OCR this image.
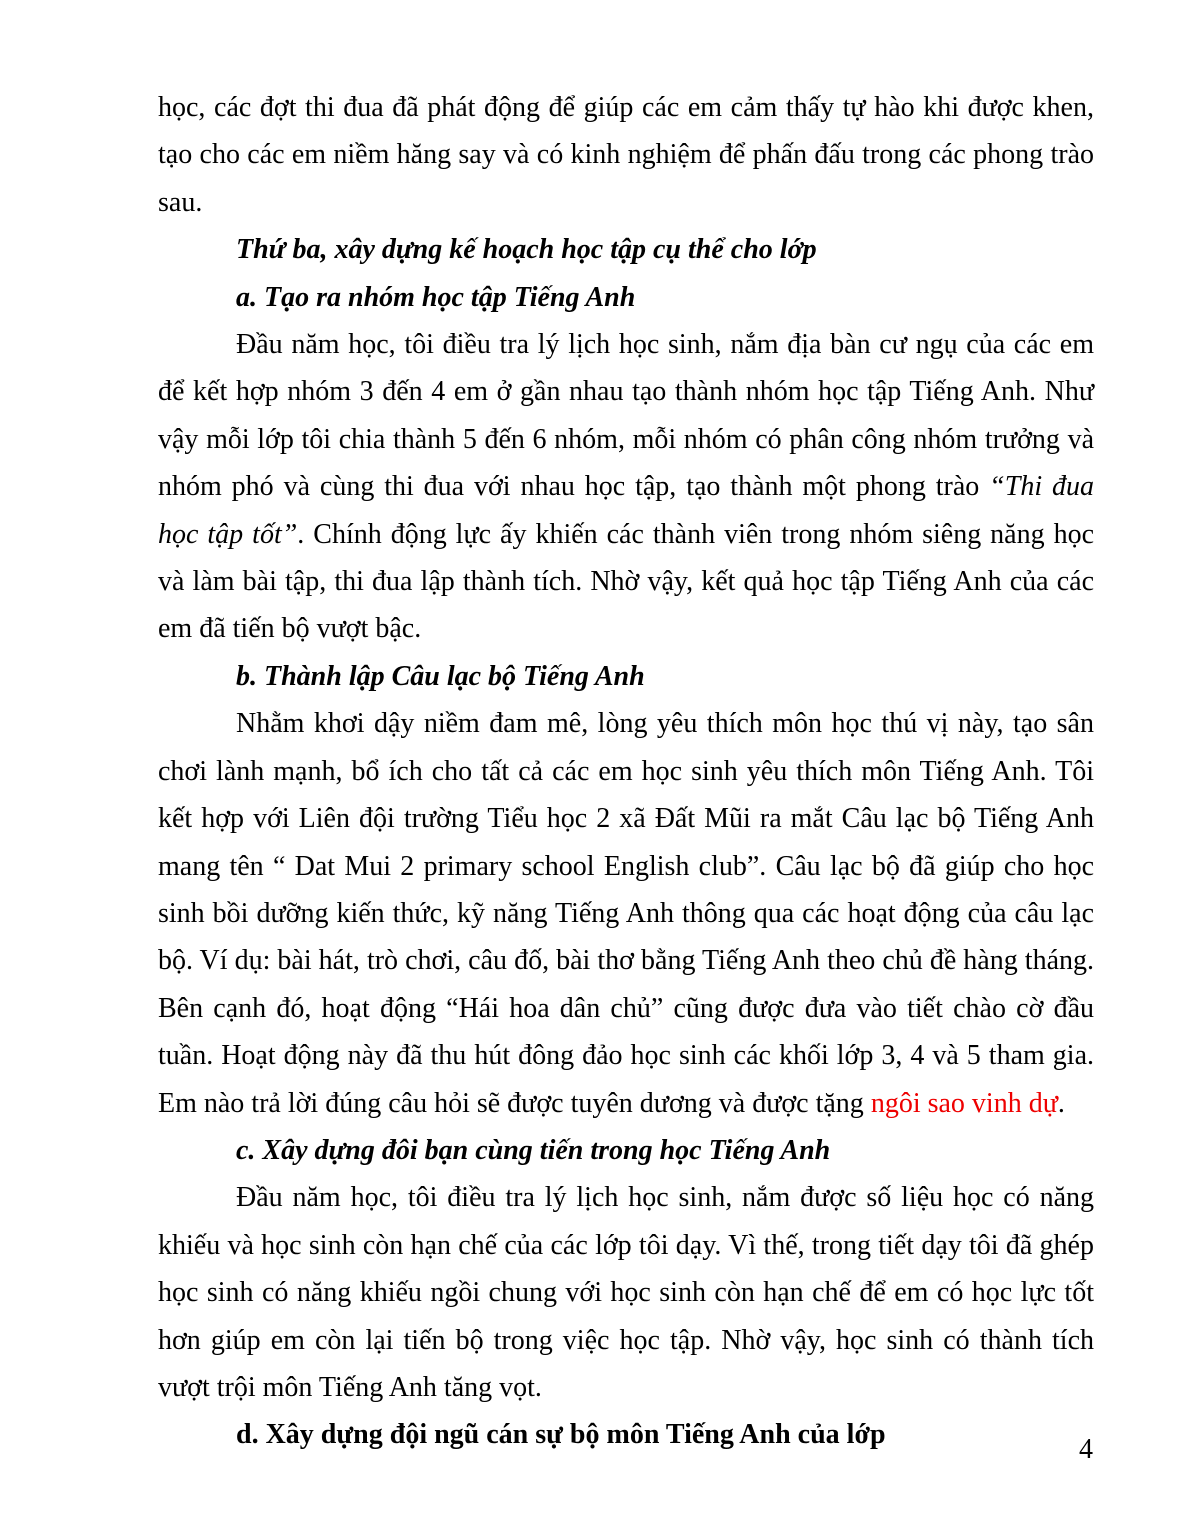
học, các đợt thi đua đã phát động để giúp các em cảm thấy tự hào khi được khen, tạo cho các em niềm hăng say và có kinh nghiệm để phấn đấu trong các phong trào sau.

Thứ ba, xây dựng kế hoạch học tập cụ thể cho lớp

a. Tạo ra nhóm học tập Tiếng Anh

Đầu năm học, tôi điều tra lý lịch học sinh, nắm địa bàn cư ngụ của các em để kết hợp nhóm 3 đến 4 em ở gần nhau tạo thành nhóm học tập Tiếng Anh. Như vậy mỗi lớp tôi chia thành 5 đến 6 nhóm, mỗi nhóm có phân công nhóm trưởng và nhóm phó và cùng thi đua với nhau học tập, tạo thành một phong trào “Thi đua học tập tốt”. Chính động lực ấy khiến các thành viên trong nhóm siêng năng học và làm bài tập, thi đua lập thành tích. Nhờ vậy, kết quả học tập Tiếng Anh của các em đã tiến bộ vượt bậc.

b. Thành lập Câu lạc bộ Tiếng Anh

Nhằm khơi dậy niềm đam mê, lòng yêu thích môn học thú vị này, tạo sân chơi lành mạnh, bổ ích cho tất cả các em học sinh yêu thích môn Tiếng Anh. Tôi kết hợp với Liên đội trường Tiểu học 2 xã Đất Mũi ra mắt Câu lạc bộ Tiếng Anh mang tên “ Dat Mui 2 primary school English club”. Câu lạc bộ đã giúp cho học sinh bồi dưỡng kiến thức, kỹ năng Tiếng Anh thông qua các hoạt động của câu lạc bộ. Ví dụ: bài hát, trò chơi, câu đố, bài thơ bằng Tiếng Anh theo chủ đề hàng tháng. Bên cạnh đó, hoạt động “Hái hoa dân chủ” cũng được đưa vào tiết chào cờ đầu tuần. Hoạt động này đã thu hút đông đảo học sinh các khối lớp 3, 4 và 5 tham gia. Em nào trả lời đúng câu hỏi sẽ được tuyên dương và được tặng ngôi sao vinh dự.

c. Xây dựng đôi bạn cùng tiến trong học Tiếng Anh

Đầu năm học, tôi điều tra lý lịch học sinh, nắm được số liệu học có năng khiếu và học sinh còn hạn chế của các lớp tôi dạy. Vì thế, trong tiết dạy tôi đã ghép học sinh có năng khiếu ngồi chung với học sinh còn hạn chế để em có học lực tốt hơn giúp em còn lại tiến bộ trong việc học tập. Nhờ vậy, học sinh có thành tích vượt trội môn Tiếng Anh tăng vọt.

d. Xây dựng đội ngũ cán sự bộ môn Tiếng Anh của lớp	4
